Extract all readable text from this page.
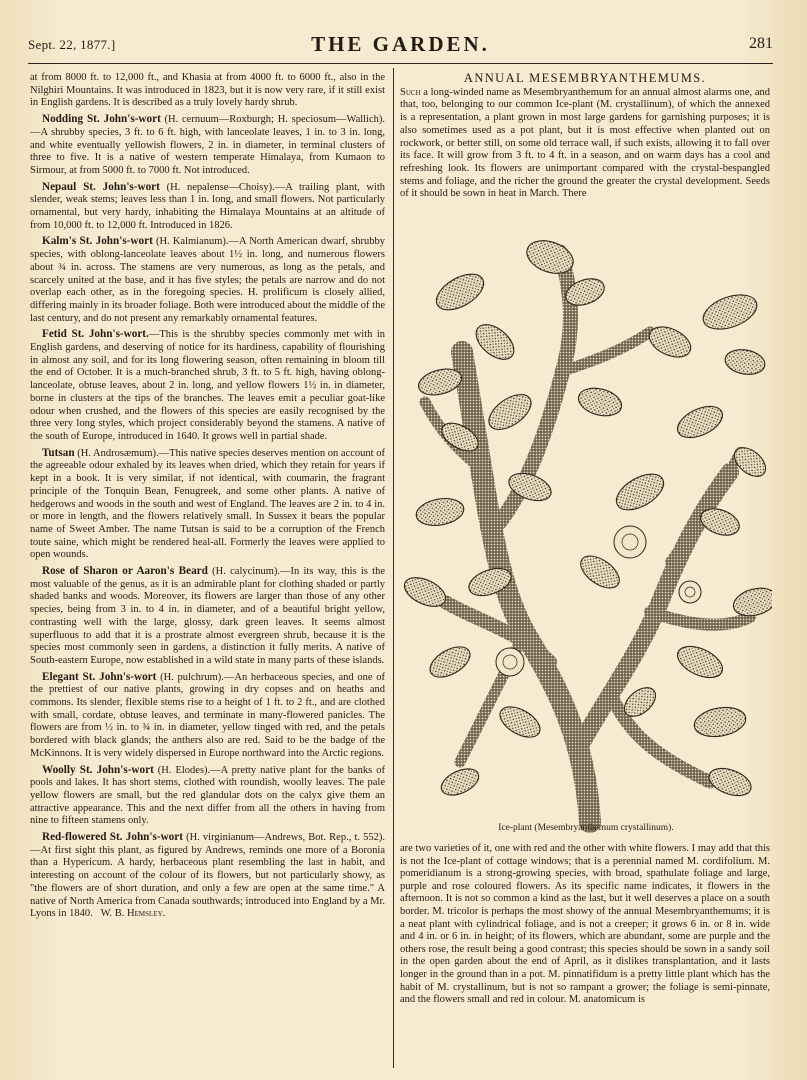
Sept. 22, 1877.]	THE GARDEN.	281

at from 8000 ft. to 12,000 ft., and Khasia at from 4000 ft. to 6000 ft., also in the Nilghiri Mountains. It was introduced in 1823, but it is now very rare, if it still exist in English gardens. It is described as a truly lovely hardy shrub.

Nodding St. John's-wort (H. cernuum—Roxburgh; H. speciosum—Wallich).—A shrubby species, 3 ft. to 6 ft. high, with lanceolate leaves, 1 in. to 3 in. long, and white eventually yellowish flowers, 2 in. in diameter, in terminal clusters of three to five. It is a native of western temperate Himalaya, from Kumaon to Sirmour, at from 5000 ft. to 7000 ft. Not introduced.

Nepaul St. John's-wort (H. nepalense—Choisy).—A trailing plant, with slender, weak stems; leaves less than 1 in. long, and small flowers. Not particularly ornamental, but very hardy, inhabiting the Himalaya Mountains at an altitude of from 10,000 ft. to 12,000 ft. Introduced in 1826.

Kalm's St. John's-wort (H. Kalmianum).—A North American dwarf, shrubby species, with oblong-lanceolate leaves about 1½ in. long, and numerous flowers about ¾ in. across. The stamens are very numerous, as long as the petals, and scarcely united at the base, and it has five styles; the petals are narrow and do not overlap each other, as in the foregoing species. H. prolificum is closely allied, differing mainly in its broader foliage. Both were introduced about the middle of the last century, and do not present any remarkably ornamental features.

Fetid St. John's-wort.—This is the shrubby species commonly met with in English gardens, and deserving of notice for its hardiness, capability of flourishing in almost any soil, and for its long flowering season, often remaining in bloom till the end of October. It is a much-branched shrub, 3 ft. to 5 ft. high, having oblong-lanceolate, obtuse leaves, about 2 in. long, and yellow flowers 1½ in. in diameter, borne in clusters at the tips of the branches. The leaves emit a peculiar goat-like odour when crushed, and the flowers of this species are easily recognised by the three very long styles, which project considerably beyond the stamens. A native of the south of Europe, introduced in 1640. It grows well in partial shade.

Tutsan (H. Androsæmum).—This native species deserves mention on account of the agreeable odour exhaled by its leaves when dried, which they retain for years if kept in a book. It is very similar, if not identical, with coumarin, the fragrant principle of the Tonquin Bean, Fenugreek, and some other plants. A native of hedgerows and woods in the south and west of England. The leaves are 2 in. to 4 in. or more in length, and the flowers relatively small. In Sussex it bears the popular name of Sweet Amber. The name Tutsan is said to be a corruption of the French toute saine, which might be rendered heal-all. Formerly the leaves were applied to open wounds.

Rose of Sharon or Aaron's Beard (H. calycinum).—In its way, this is the most valuable of the genus, as it is an admirable plant for clothing shaded or partly shaded banks and woods. Moreover, its flowers are larger than those of any other species, being from 3 in. to 4 in. in diameter, and of a beautiful bright yellow, contrasting well with the large, glossy, dark green leaves. It seems almost superfluous to add that it is a prostrate almost evergreen shrub, because it is the species most commonly seen in gardens, a distinction it fully merits. A native of South-eastern Europe, now established in a wild state in many parts of these islands.

Elegant St. John's-wort (H. pulchrum).—An herbaceous species, and one of the prettiest of our native plants, growing in dry copses and on heaths and commons. Its slender, flexible stems rise to a height of 1 ft. to 2 ft., and are clothed with small, cordate, obtuse leaves, and terminate in many-flowered panicles. The flowers are from ½ in. to ¾ in. in diameter, yellow tinged with red, and the petals bordered with black glands; the anthers also are red. Said to be the badge of the McKinnons. It is very widely dispersed in Europe northward into the Arctic regions.

Woolly St. John's-wort (H. Elodes).—A pretty native plant for the banks of pools and lakes. It has short stems, clothed with roundish, woolly leaves. The pale yellow flowers are small, but the red glandular dots on the calyx give them an attractive appearance. This and the next differ from all the others in having from nine to fifteen stamens only.

Red-flowered St. John's-wort (H. virginianum—Andrews, Bot. Rep., t. 552).—At first sight this plant, as figured by Andrews, reminds one more of a Boronia than a Hypericum. A hardy, herbaceous plant resembling the last in habit, and interesting on account of the colour of its flowers, but not particularly showy, as "the flowers are of short duration, and only a few are open at the same time." A native of North America from Canada southwards; introduced into England by a Mr. Lyons in 1840. W. B. Hemsley.

ANNUAL MESEMBRYANTHEMUMS.

Such a long-winded name as Mesembryanthemum for an annual almost alarms one, and that, too, belonging to our common Ice-plant (M. crystallinum), of which the annexed is a representation, a plant grown in most large gardens for garnishing purposes; it is also sometimes used as a pot plant, but it is most effective when planted out on rockwork, or better still, on some old terrace wall, if such exists, allowing it to fall over its face. It will grow from 3 ft. to 4 ft. in a season, and on warm days has a cool and refreshing look. Its flowers are unimportant compared with the crystal-bespangled stems and foliage, and the richer the ground the greater the crystal development. Seeds of it should be sown in heat in March. There

Ice-plant (Mesembryanthemum crystallinum).
are two varieties of it, one with red and the other with white flowers. I may add that this is not the Ice-plant of cottage windows; that is a perennial named M. cordifolium. M. pomeridianum is a strong-growing species, with broad, spathulate foliage and large, purple and rose coloured flowers. As its specific name indicates, it flowers in the afternoon. It is not so common a kind as the last, but it well deserves a place on a south border. M. tricolor is perhaps the most showy of the annual Mesembryanthemums; it is a neat plant with cylindrical foliage, and is not a creeper; it grows 6 in. or 8 in. wide and 4 in. or 6 in. in height; of its flowers, which are abundant, some are purple and the others rose, the result being a good contrast; this species should be sown in a sandy soil in the open garden about the end of April, as it dislikes transplantation, and it lasts longer in the ground than in a pot. M. pinnatifidum is a pretty little plant which has the habit of M. crystallinum, but is not so rampant a grower; the foliage is semi-pinnate, and the flowers small and red in colour. M. anatomicum is
